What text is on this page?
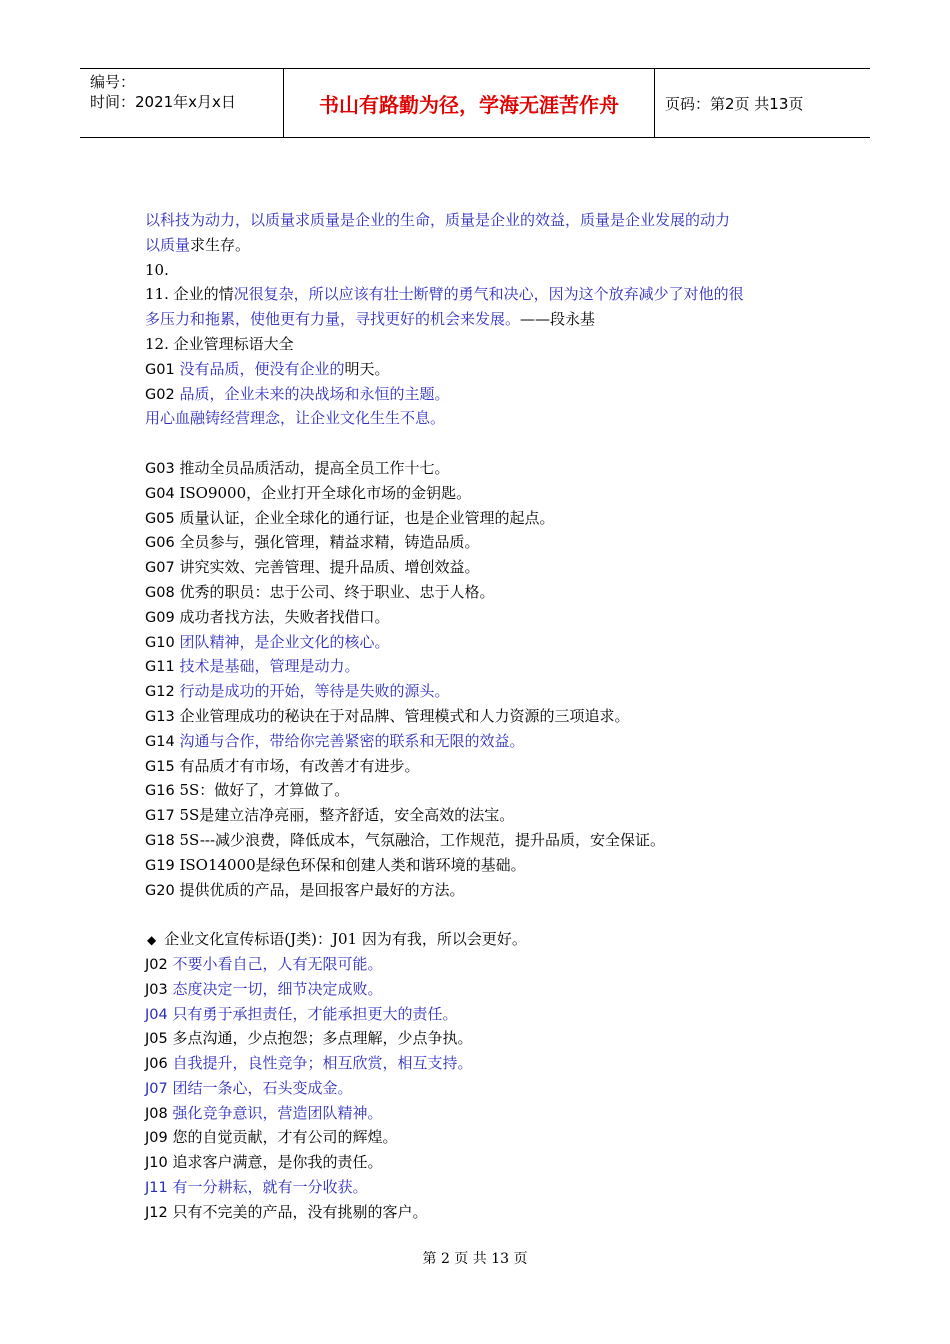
编号：
时间：2021年x月x日	书山有路勤为径，学海无涯苦作舟	页码：第2页 共13页
以科技为动力，以质量求质量是企业的生命，质量是企业的效益，质量是企业发展的动力
以质量求生存。
10.
11. 企业的情况很复杂，所以应该有壮士断臂的勇气和决心，因为这个放弃减少了对他的很
多压力和拖累，使他更有力量，寻找更好的机会来发展。——段永基
12. 企业管理标语大全
G01 没有品质，便没有企业的明天。
G02 品质，企业未来的决战场和永恒的主题。
用心血融铸经营理念，让企业文化生生不息。
G03 推动全员品质活动，提高全员工作十七。
G04 ISO9000，企业打开全球化市场的金钥匙。
G05 质量认证，企业全球化的通行证，也是企业管理的起点。
G06 全员参与，强化管理，精益求精，铸造品质。
G07 讲究实效、完善管理、提升品质、增创效益。
G08 优秀的职员：忠于公司、终于职业、忠于人格。
G09 成功者找方法，失败者找借口。
G10 团队精神，是企业文化的核心。
G11 技术是基础，管理是动力。
G12 行动是成功的开始，等待是失败的源头。
G13 企业管理成功的秘诀在于对品牌、管理模式和人力资源的三项追求。
G14 沟通与合作，带给你完善紧密的联系和无限的效益。
G15 有品质才有市场，有改善才有进步。
G16 5S：做好了，才算做了。
G17 5S是建立洁净亮丽，整齐舒适，安全高效的法宝。
G18 5S---减少浪费，降低成本，气氛融洽，工作规范，提升品质，安全保证。
G19 ISO14000是绿色环保和创建人类和谐环境的基础。
G20 提供优质的产品，是回报客户最好的方法。
◆ 企业文化宣传标语(J类)：J01 因为有我，所以会更好。
J02 不要小看自己，人有无限可能。
J03 态度决定一切，细节决定成败。
J04 只有勇于承担责任，才能承担更大的责任。
J05 多点沟通，少点抱怨；多点理解，少点争执。
J06 自我提升，良性竞争；相互欣赏，相互支持。
J07 团结一条心，石头变成金。
J08 强化竞争意识，营造团队精神。
J09 您的自觉贡献，才有公司的辉煌。
J10 追求客户满意，是你我的责任。
J11 有一分耕耘，就有一分收获。
J12 只有不完美的产品，没有挑剔的客户。
第 2 页 共 13 页
